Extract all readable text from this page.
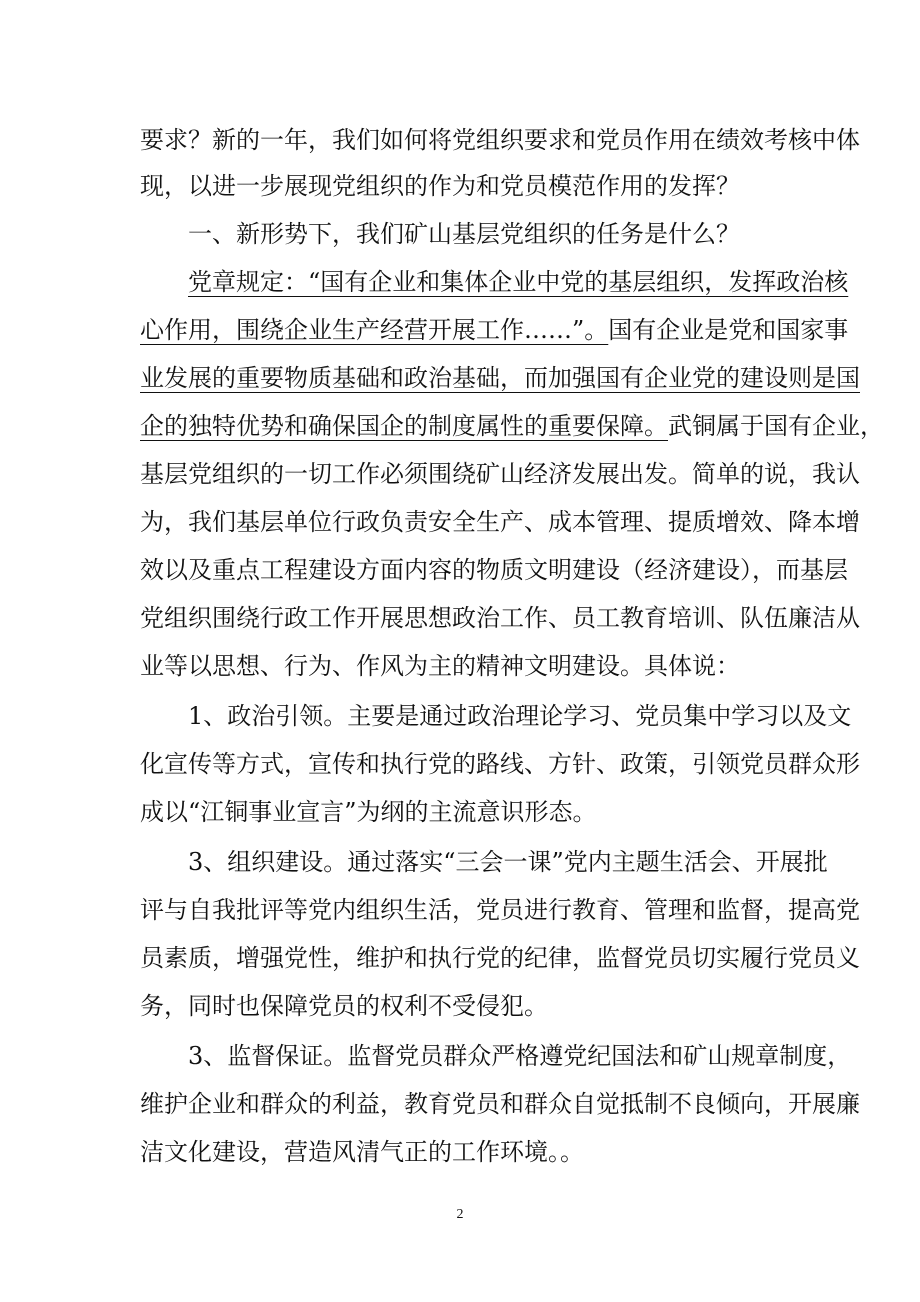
要求？新的一年，我们如何将党组织要求和党员作用在绩效考核中体
现，以进一步展现党组织的作为和党员模范作用的发挥？
一、新形势下，我们矿山基层党组织的任务是什么？
党章规定：“国有企业和集体企业中党的基层组织，发挥政治核
心作用，围绕企业生产经营开展工作……”。国有企业是党和国家事
业发展的重要物质基础和政治基础，而加强国有企业党的建设则是国
企的独特优势和确保国企的制度属性的重要保障。武铜属于国有企业，
基层党组织的一切工作必须围绕矿山经济发展出发。简单的说，我认
为，我们基层单位行政负责安全生产、成本管理、提质增效、降本增
效以及重点工程建设方面内容的物质文明建设（经济建设），而基层
党组织围绕行政工作开展思想政治工作、员工教育培训、队伍廉洁从
业等以思想、行为、作风为主的精神文明建设。具体说：
1、政治引领。主要是通过政治理论学习、党员集中学习以及文
化宣传等方式，宣传和执行党的路线、方针、政策，引领党员群众形
成以“江铜事业宣言”为纲的主流意识形态。
3、组织建设。通过落实“三会一课”党内主题生活会、开展批
评与自我批评等党内组织生活，党员进行教育、管理和监督，提高党
员素质，增强党性，维护和执行党的纪律，监督党员切实履行党员义
务，同时也保障党员的权利不受侵犯。
3、监督保证。监督党员群众严格遵党纪国法和矿山规章制度，
维护企业和群众的利益，教育党员和群众自觉抵制不良倾向，开展廉
洁文化建设，营造风清气正的工作环境。。
2
